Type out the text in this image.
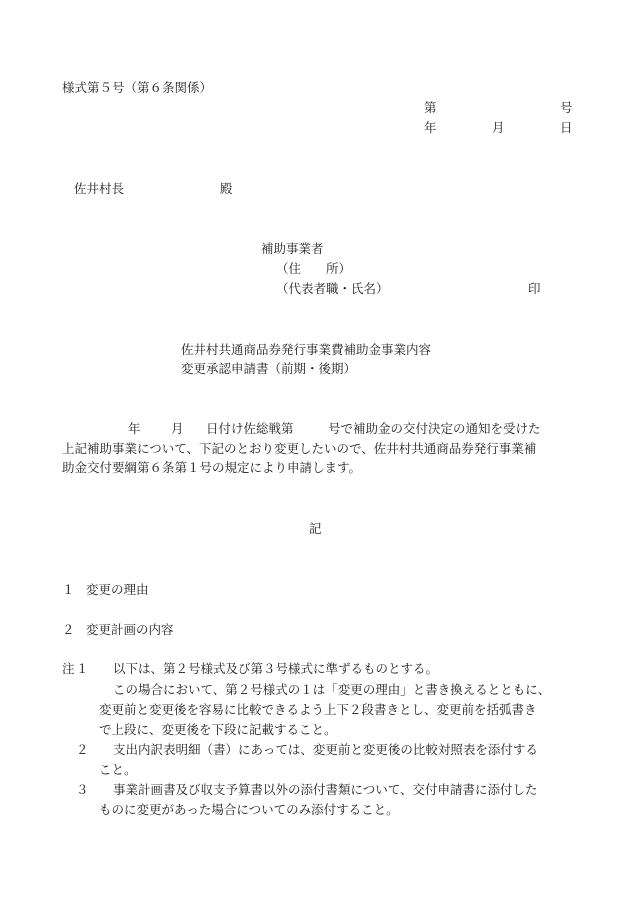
様式第５号（第６条関係）
第	号
年	月	日
佐井村長	殿
補助事業者
（住　　所）
（代表者職・氏名）	印
佐井村共通商品券発行事業費補助金事業内容
変更承認申請書（前期・後期）
年 月 日付け佐総戦第	号で補助金の交付決定の通知を受けた
上記補助事業について、下記のとおり変更したいので、佐井村共通商品券発行事業補
助金交付要綱第６条第１号の規定により申請します。
記
１ 変更の理由
２ 変更計画の内容
注 １ 以下は、第２号様式及び第３号様式に準ずるものとする。
この場合において、第２号様式の１は「変更の理由」と書き換えるとともに、
変更前と変更後を容易に比較できるよう上下２段書きとし、変更前を括弧書き
で上段に、変更後を下段に記載すること。
２ 支出内訳表明細（書）にあっては、変更前と変更後の比較対照表を添付する
こと。
３ 事業計画書及び収支予算書以外の添付書類について、交付申請書に添付した
ものに変更があった場合についてのみ添付すること。
